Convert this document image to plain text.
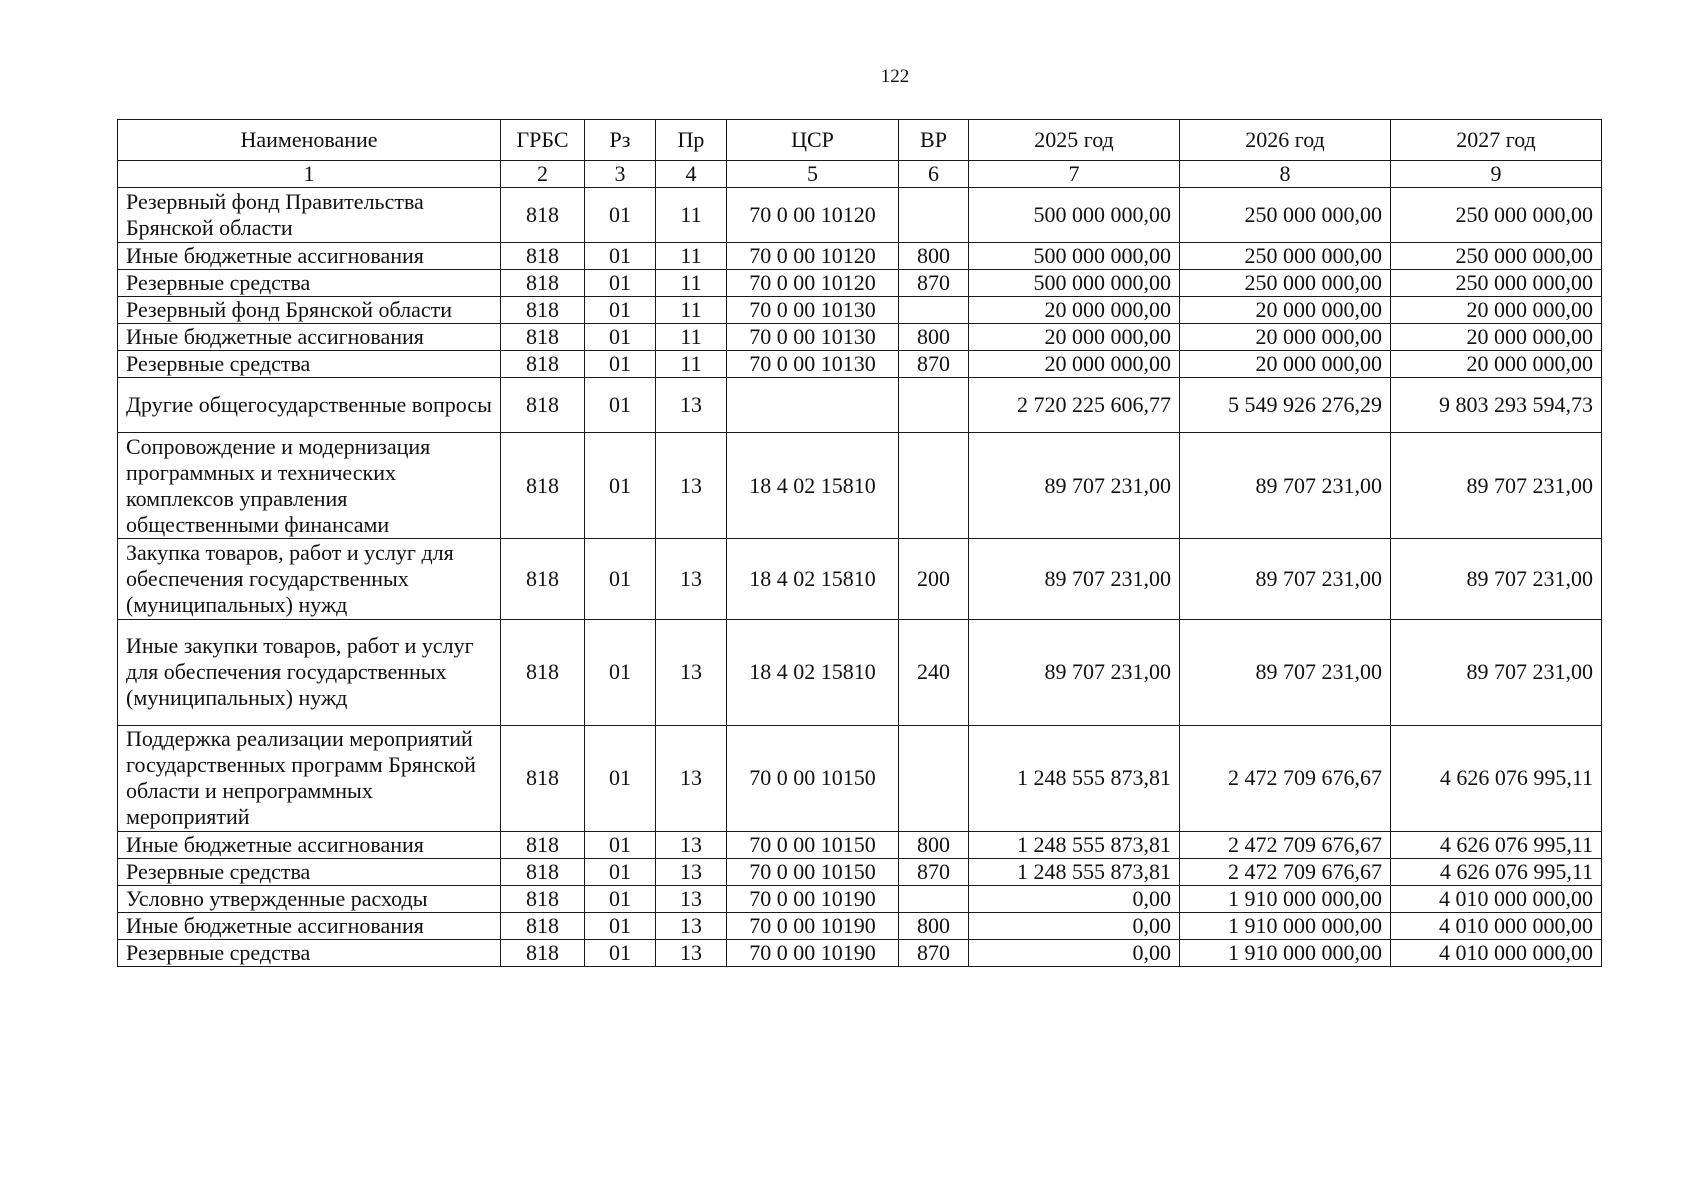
122
Наименование	ГРБС	Рз	Пр	ЦСР	ВР	2025 год	2026 год	2027 год
1	2	3	4	5	6	7	8	9
Резервный фонд Правительства Брянской области	818	01	11	70 0 00 10120		500 000 000,00	250 000 000,00	250 000 000,00
Иные бюджетные ассигнования	818	01	11	70 0 00 10120	800	500 000 000,00	250 000 000,00	250 000 000,00
Резервные средства	818	01	11	70 0 00 10120	870	500 000 000,00	250 000 000,00	250 000 000,00
Резервный фонд Брянской области	818	01	11	70 0 00 10130		20 000 000,00	20 000 000,00	20 000 000,00
Иные бюджетные ассигнования	818	01	11	70 0 00 10130	800	20 000 000,00	20 000 000,00	20 000 000,00
Резервные средства	818	01	11	70 0 00 10130	870	20 000 000,00	20 000 000,00	20 000 000,00
Другие общегосударственные вопросы	818	01	13			2 720 225 606,77	5 549 926 276,29	9 803 293 594,73
Сопровождение и модернизация программных и технических комплексов управления общественными финансами	818	01	13	18 4 02 15810		89 707 231,00	89 707 231,00	89 707 231,00
Закупка товаров, работ и услуг для обеспечения государственных (муниципальных) нужд	818	01	13	18 4 02 15810	200	89 707 231,00	89 707 231,00	89 707 231,00
Иные закупки товаров, работ и услуг для обеспечения государственных (муниципальных) нужд	818	01	13	18 4 02 15810	240	89 707 231,00	89 707 231,00	89 707 231,00
Поддержка реализации мероприятий государственных программ Брянской области и непрограммных мероприятий	818	01	13	70 0 00 10150		1 248 555 873,81	2 472 709 676,67	4 626 076 995,11
Иные бюджетные ассигнования	818	01	13	70 0 00 10150	800	1 248 555 873,81	2 472 709 676,67	4 626 076 995,11
Резервные средства	818	01	13	70 0 00 10150	870	1 248 555 873,81	2 472 709 676,67	4 626 076 995,11
Условно утвержденные расходы	818	01	13	70 0 00 10190		0,00	1 910 000 000,00	4 010 000 000,00
Иные бюджетные ассигнования	818	01	13	70 0 00 10190	800	0,00	1 910 000 000,00	4 010 000 000,00
Резервные средства	818	01	13	70 0 00 10190	870	0,00	1 910 000 000,00	4 010 000 000,00
